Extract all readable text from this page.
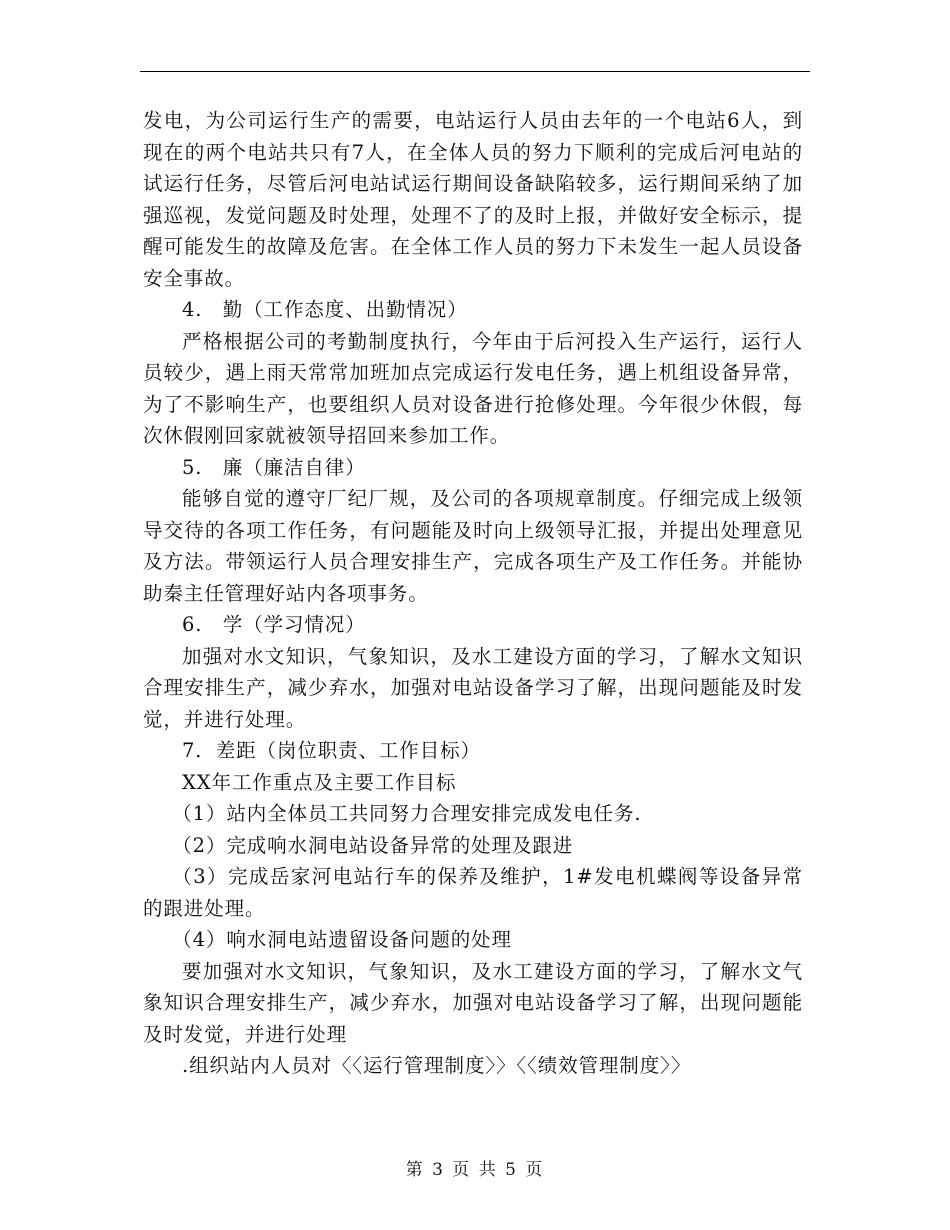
发电，为公司运行生产的需要，电站运行人员由去年的一个电站6人，到现在的两个电站共只有7人，在全体人员的努力下顺利的完成后河电站的试运行任务，尽管后河电站试运行期间设备缺陷较多，运行期间采纳了加强巡视，发觉问题及时处理，处理不了的及时上报，并做好安全标示，提醒可能发生的故障及危害。在全体工作人员的努力下未发生一起人员设备安全事故。

4.　勤（工作态度、出勤情况）

严格根据公司的考勤制度执行，今年由于后河投入生产运行，运行人员较少，遇上雨天常常加班加点完成运行发电任务，遇上机组设备异常，为了不影响生产，也要组织人员对设备进行抢修处理。今年很少休假，每次休假刚回家就被领导招回来参加工作。

5.　廉（廉洁自律）

能够自觉的遵守厂纪厂规，及公司的各项规章制度。仔细完成上级领导交待的各项工作任务，有问题能及时向上级领导汇报，并提出处理意见及方法。带领运行人员合理安排生产，完成各项生产及工作任务。并能协助秦主任管理好站内各项事务。

6.　学（学习情况）

加强对水文知识，气象知识，及水工建设方面的学习，了解水文知识合理安排生产，减少弃水，加强对电站设备学习了解，出现问题能及时发觉，并进行处理。

7．差距（岗位职责、工作目标）

XX年工作重点及主要工作目标

（1）站内全体员工共同努力合理安排完成发电任务.

（2）完成响水洞电站设备异常的处理及跟进

（3）完成岳家河电站行车的保养及维护，1#发电机蝶阀等设备异常的跟进处理。

（4）响水洞电站遗留设备问题的处理

要加强对水文知识，气象知识，及水工建设方面的学习，了解水文气象知识合理安排生产，减少弃水，加强对电站设备学习了解，出现问题能及时发觉，并进行处理

.组织站内人员对〈〈运行管理制度〉〉〈〈绩效管理制度〉〉

第 3 页 共 5 页
